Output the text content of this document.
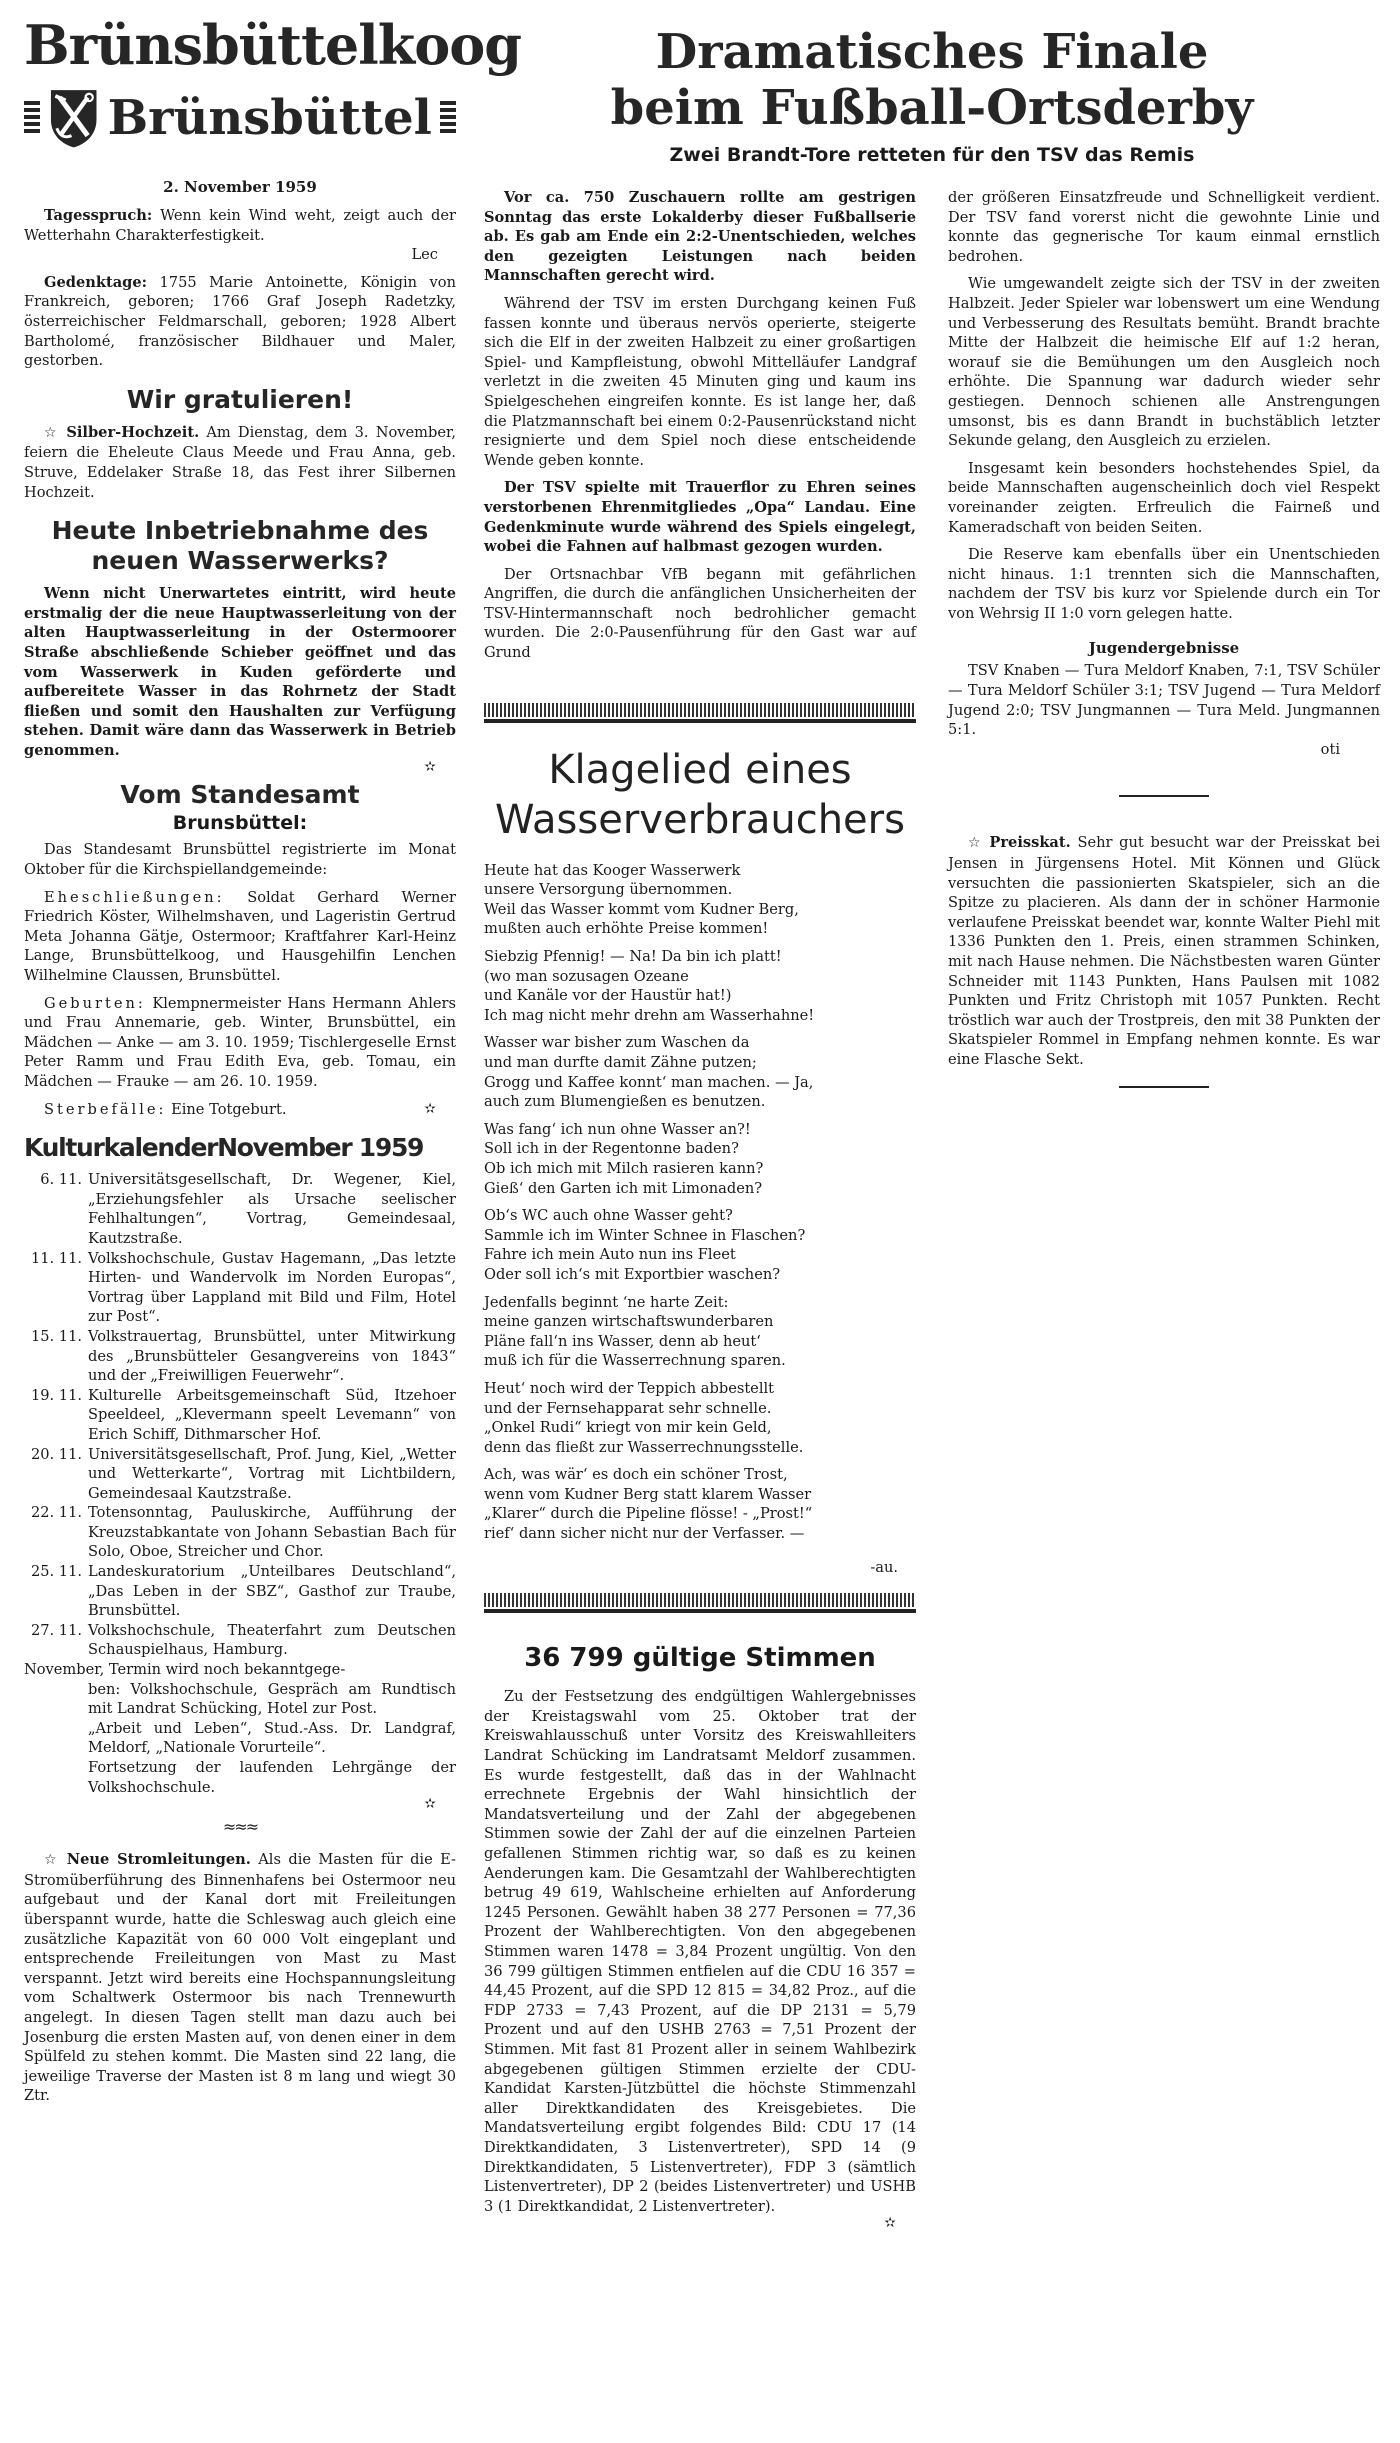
Brünsbüttelkoog
Brünsbüttel
2. November 1959

Tagesspruch: Wenn kein Wind weht, zeigt auch der Wetterhahn Charakterfestigkeit.

Lec

Gedenktage: 1755 Marie Antoinette, Königin von Frankreich, geboren; 1766 Graf Joseph Radetzky, österreichischer Feldmarschall, geboren; 1928 Albert Bartholomé, französischer Bildhauer und Maler, gestorben.

Wir gratulieren!

☆ Silber-Hochzeit. Am Dienstag, dem 3. November, feiern die Eheleute Claus Meede und Frau Anna, geb. Struve, Eddelaker Straße 18, das Fest ihrer Silbernen Hochzeit.

Heute Inbetriebnahme des neuen Wasserwerks?

Wenn nicht Unerwartetes eintritt, wird heute erstmalig der die neue Hauptwasserleitung von der alten Hauptwasserleitung in der Ostermoorer Straße abschließende Schieber geöffnet und das vom Wasserwerk in Kuden geförderte und aufbereitete Wasser in das Rohrnetz der Stadt fließen und somit den Haushalten zur Verfügung stehen. Damit wäre dann das Wasserwerk in Betrieb genommen.

✫
Vom Standesamt
Brunsbüttel:

Das Standesamt Brunsbüttel registrierte im Monat Oktober für die Kirchspiellandgemeinde:

Eheschließungen: Soldat Gerhard Werner Friedrich Köster, Wilhelmshaven, und Lageristin Gertrud Meta Johanna Gätje, Ostermoor; Kraftfahrer Karl-Heinz Lange, Brunsbüttelkoog, und Hausgehilfin Lenchen Wilhelmine Claussen, Brunsbüttel.

Geburten: Klempnermeister Hans Hermann Ahlers und Frau Annemarie, geb. Winter, Brunsbüttel, ein Mädchen — Anke — am 3. 10. 1959; Tischlergeselle Ernst Peter Ramm und Frau Edith Eva, geb. Tomau, ein Mädchen — Frauke — am 26. 10. 1959.

Sterbefälle: Eine Totgeburt.	✫

KulturkalenderNovember 1959
6. 11. Universitätsgesellschaft, Dr. Wegener, Kiel, „Erziehungsfehler als Ursache seelischer Fehlhaltungen“, Vortrag, Gemeindesaal, Kautzstraße.
11. 11. Volkshochschule, Gustav Hagemann, „Das letzte Hirten- und Wandervolk im Norden Europas“, Vortrag über Lappland mit Bild und Film, Hotel zur Post“.
15. 11. Volkstrauertag, Brunsbüttel, unter Mitwirkung des „Brunsbütteler Gesangvereins von 1843“ und der „Freiwilligen Feuerwehr“.
19. 11. Kulturelle Arbeitsgemeinschaft Süd, Itzehoer Speeldeel, „Klevermann speelt Levemann“ von Erich Schiff, Dithmarscher Hof.
20. 11. Universitätsgesellschaft, Prof. Jung, Kiel, „Wetter und Wetterkarte“, Vortrag mit Lichtbildern, Gemeindesaal Kautzstraße.
22. 11. Totensonntag, Pauluskirche, Aufführung der Kreuzstabkantate von Johann Sebastian Bach für Solo, Oboe, Streicher und Chor.
25. 11. Landeskuratorium „Unteilbares Deutschland“, „Das Leben in der SBZ“, Gasthof zur Traube, Brunsbüttel.
27. 11. Volkshochschule, Theaterfahrt zum Deutschen Schauspielhaus, Hamburg.
November, Termin wird noch bekanntgege-
ben: Volkshochschule, Gespräch am Rundtisch mit Landrat Schücking, Hotel zur Post.
„Arbeit und Leben“, Stud.-Ass. Dr. Landgraf, Meldorf, „Nationale Vorurteile“.
Fortsetzung der laufenden Lehrgänge der Volkshochschule.
✫
≈≈≈

☆ Neue Stromleitungen. Als die Masten für die E-Stromüberführung des Binnenhafens bei Ostermoor neu aufgebaut und der Kanal dort mit Freileitungen überspannt wurde, hatte die Schleswag auch gleich eine zusätzliche Kapazität von 60 000 Volt eingeplant und entsprechende Freileitungen von Mast zu Mast verspannt. Jetzt wird bereits eine Hochspannungsleitung vom Schaltwerk Ostermoor bis nach Trennewurth angelegt. In diesen Tagen stellt man dazu auch bei Josenburg die ersten Masten auf, von denen einer in dem Spülfeld zu stehen kommt. Die Masten sind 22 lang, die jeweilige Traverse der Masten ist 8 m lang und wiegt 30 Ztr.

Dramatisches Finale
beim Fußball-Ortsderby
Zwei Brandt-Tore retteten für den TSV das Remis

Vor ca. 750 Zuschauern rollte am gestrigen Sonntag das erste Lokalderby dieser Fußballserie ab. Es gab am Ende ein 2:2-Unentschieden, welches den gezeigten Leistungen nach beiden Mannschaften gerecht wird.

Während der TSV im ersten Durchgang keinen Fuß fassen konnte und überaus nervös operierte, steigerte sich die Elf in der zweiten Halbzeit zu einer großartigen Spiel- und Kampfleistung, obwohl Mittelläufer Landgraf verletzt in die zweiten 45 Minuten ging und kaum ins Spielgeschehen eingreifen konnte. Es ist lange her, daß die Platzmannschaft bei einem 0:2-Pausenrückstand nicht resignierte und dem Spiel noch diese entscheidende Wende geben konnte.

Der TSV spielte mit Trauerflor zu Ehren seines verstorbenen Ehrenmitgliedes „Opa“ Landau. Eine Gedenkminute wurde während des Spiels eingelegt, wobei die Fahnen auf halbmast gezogen wurden.

Der Ortsnachbar VfB begann mit gefährlichen Angriffen, die durch die anfänglichen Unsicherheiten der TSV-Hintermannschaft noch bedrohlicher gemacht wurden. Die 2:0-Pausenführung für den Gast war auf Grund

Klagelied eines
Wasserverbrauchers
Heute hat das Kooger Wasserwerk
unsere Versorgung übernommen.
Weil das Wasser kommt vom Kudner Berg,
mußten auch erhöhte Preise kommen!
Siebzig Pfennig! — Na! Da bin ich platt!
(wo man sozusagen Ozeane
und Kanäle vor der Haustür hat!)
Ich mag nicht mehr drehn am Wasserhahne!
Wasser war bisher zum Waschen da
und man durfte damit Zähne putzen;
Grogg und Kaffee konnt‘ man machen. — Ja,
auch zum Blumengießen es benutzen.
Was fang‘ ich nun ohne Wasser an?!
Soll ich in der Regentonne baden?
Ob ich mich mit Milch rasieren kann?
Gieß‘ den Garten ich mit Limonaden?
Ob‘s WC auch ohne Wasser geht?
Sammle ich im Winter Schnee in Flaschen?
Fahre ich mein Auto nun ins Fleet
Oder soll ich‘s mit Exportbier waschen?
Jedenfalls beginnt ‘ne harte Zeit:
meine ganzen wirtschaftswunderbaren
Pläne fall‘n ins Wasser, denn ab heut‘
muß ich für die Wasserrechnung sparen.
Heut‘ noch wird der Teppich abbestellt
und der Fernsehapparat sehr schnelle.
„Onkel Rudi“ kriegt von mir kein Geld,
denn das fließt zur Wasserrechnungsstelle.
Ach, was wär‘ es doch ein schöner Trost,
wenn vom Kudner Berg statt klarem Wasser
„Klarer“ durch die Pipeline flösse! - „Prost!“
rief‘ dann sicher nicht nur der Verfasser. —

-au.

36 799 gültige Stimmen

Zu der Festsetzung des endgültigen Wahlergebnisses der Kreistagswahl vom 25. Oktober trat der Kreiswahlausschuß unter Vorsitz des Kreiswahlleiters Landrat Schücking im Landratsamt Meldorf zusammen. Es wurde festgestellt, daß das in der Wahlnacht errechnete Ergebnis der Wahl hinsichtlich der Mandatsverteilung und der Zahl der abgegebenen Stimmen sowie der Zahl der auf die einzelnen Parteien gefallenen Stimmen richtig war, so daß es zu keinen Aenderungen kam. Die Gesamtzahl der Wahlberechtigten betrug 49 619, Wahlscheine erhielten auf Anforderung 1245 Personen. Gewählt haben 38 277 Personen = 77,36 Prozent der Wahlberechtigten. Von den abgegebenen Stimmen waren 1478 = 3,84 Prozent ungültig. Von den 36 799 gültigen Stimmen entfielen auf die CDU 16 357 = 44,45 Prozent, auf die SPD 12 815 = 34,82 Proz., auf die FDP 2733 = 7,43 Prozent, auf die DP 2131 = 5,79 Prozent und auf den USHB 2763 = 7,51 Prozent der Stimmen. Mit fast 81 Prozent aller in seinem Wahlbezirk abgegebenen gültigen Stimmen erzielte der CDU-Kandidat Karsten-Jützbüttel die höchste Stimmenzahl aller Direktkandidaten des Kreisgebietes. Die Mandatsverteilung ergibt folgendes Bild: CDU 17 (14 Direktkandidaten, 3 Listenvertreter), SPD 14 (9 Direktkandidaten, 5 Listenvertreter), FDP 3 (sämtlich Listenvertreter), DP 2 (beides Listenvertreter) und USHB 3 (1 Direktkandidat, 2 Listenvertreter).

✫

der größeren Einsatzfreude und Schnelligkeit verdient. Der TSV fand vorerst nicht die gewohnte Linie und konnte das gegnerische Tor kaum einmal ernstlich bedrohen.

Wie umgewandelt zeigte sich der TSV in der zweiten Halbzeit. Jeder Spieler war lobenswert um eine Wendung und Verbesserung des Resultats bemüht. Brandt brachte Mitte der Halbzeit die heimische Elf auf 1:2 heran, worauf sie die Bemühungen um den Ausgleich noch erhöhte. Die Spannung war dadurch wieder sehr gestiegen. Dennoch schienen alle Anstrengungen umsonst, bis es dann Brandt in buchstäblich letzter Sekunde gelang, den Ausgleich zu erzielen.

Insgesamt kein besonders hochstehendes Spiel, da beide Mannschaften augenscheinlich doch viel Respekt voreinander zeigten. Erfreulich die Fairneß und Kameradschaft von beiden Seiten.

Die Reserve kam ebenfalls über ein Unentschieden nicht hinaus. 1:1 trennten sich die Mannschaften, nachdem der TSV bis kurz vor Spielende durch ein Tor von Wehrsig II 1:0 vorn gelegen hatte.

Jugendergebnisse

TSV Knaben — Tura Meldorf Knaben, 7:1, TSV Schüler — Tura Meldorf Schüler 3:1; TSV Jugend — Tura Meldorf Jugend 2:0; TSV Jungmannen — Tura Meld. Jungmannen 5:1.

oti

☆ Preisskat. Sehr gut besucht war der Preisskat bei Jensen in Jürgensens Hotel. Mit Können und Glück versuchten die passionierten Skatspieler, sich an die Spitze zu placieren. Als dann der in schöner Harmonie verlaufene Preisskat beendet war, konnte Walter Piehl mit 1336 Punkten den 1. Preis, einen strammen Schinken, mit nach Hause nehmen. Die Nächstbesten waren Günter Schneider mit 1143 Punkten, Hans Paulsen mit 1082 Punkten und Fritz Christoph mit 1057 Punkten. Recht tröstlich war auch der Trostpreis, den mit 38 Punkten der Skatspieler Rommel in Empfang nehmen konnte. Es war eine Flasche Sekt.
